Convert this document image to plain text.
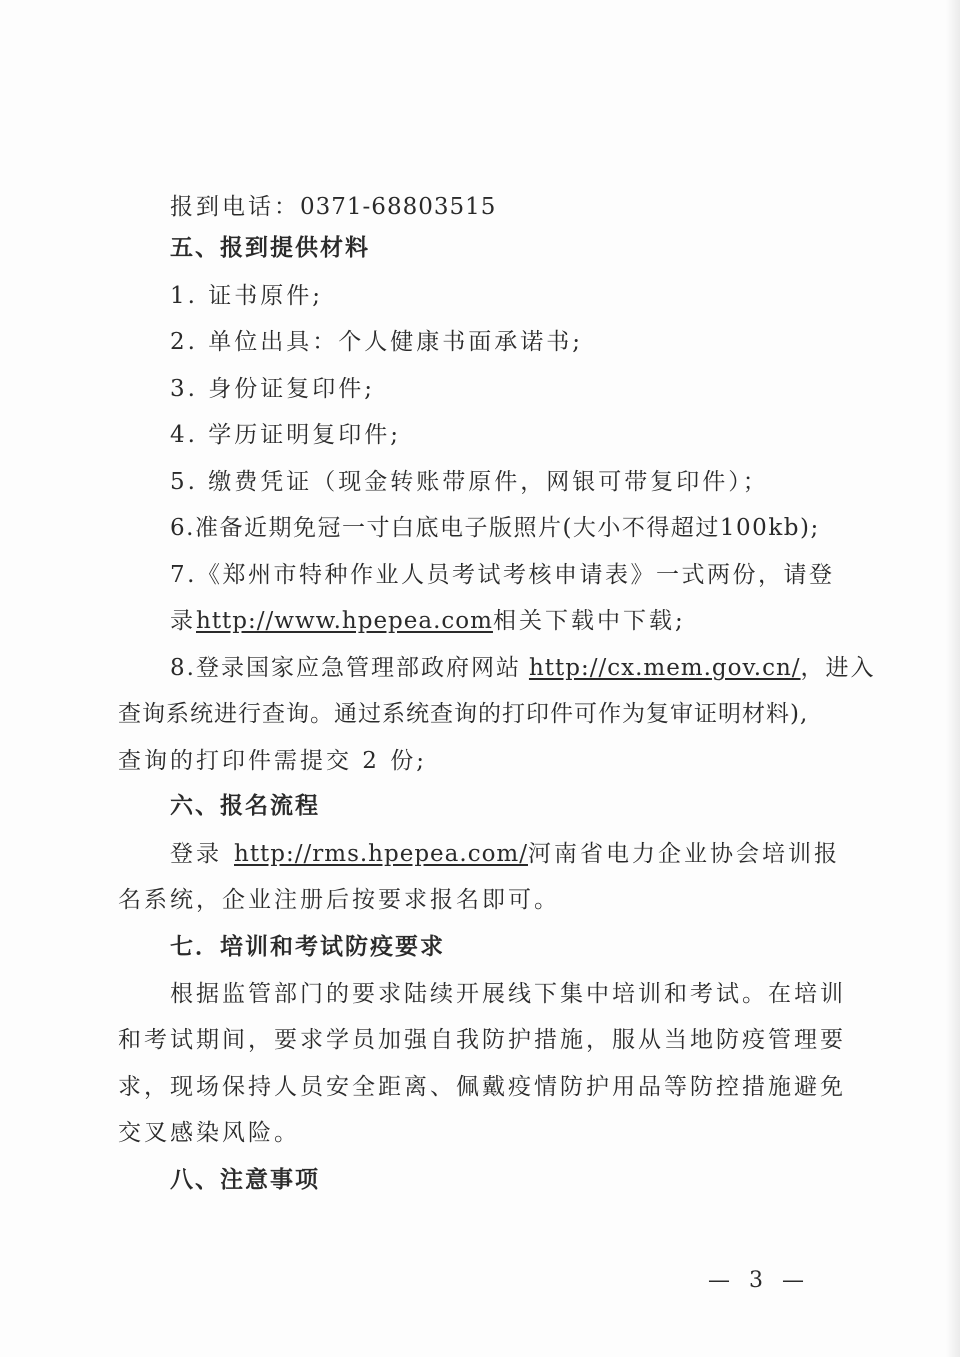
报到电话：0371-68803515
五、报到提供材料
1. 证书原件;
2. 单位出具：个人健康书面承诺书;
3. 身份证复印件;
4. 学历证明复印件;
5. 缴费凭证（现金转账带原件，网银可带复印件）；
6.准备近期免冠一寸白底电子版照片(大小不得超过100kb);
7.《郑州市特种作业人员考试考核申请表》一式两份，请登
录http://www.hpepea.com相关下载中下载;
8.登录国家应急管理部政府网站 http://cx.mem.gov.cn/，进入
查询系统进行查询。通过系统查询的打印件可作为复审证明材料),
查询的打印件需提交 2 份;
六、报名流程
登录 http://rms.hpepea.com/河南省电力企业协会培训报
名系统，企业注册后按要求报名即可。
七．培训和考试防疫要求
根据监管部门的要求陆续开展线下集中培训和考试。在培训
和考试期间，要求学员加强自我防护措施，服从当地防疫管理要
求，现场保持人员安全距离、佩戴疫情防护用品等防控措施避免
交叉感染风险。
八、注意事项
— 3 —
